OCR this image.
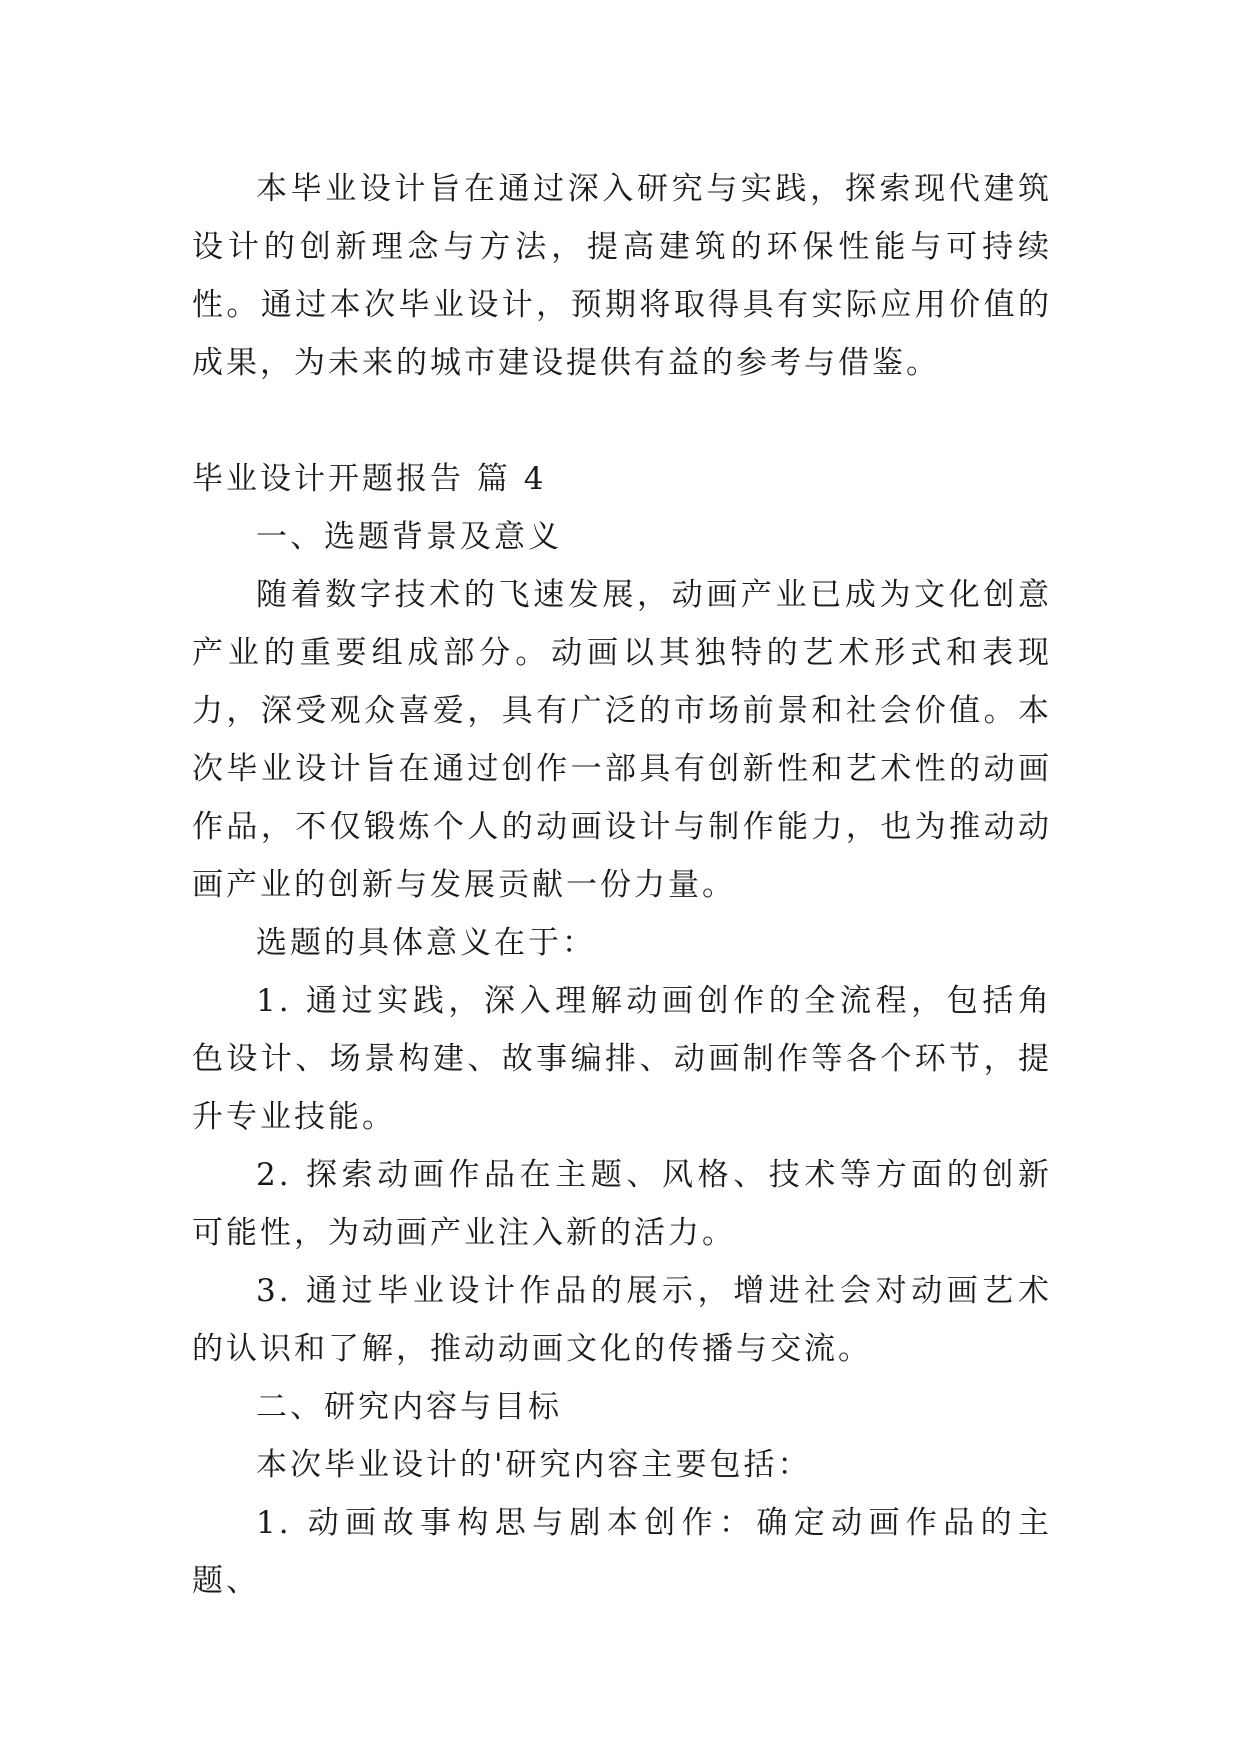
本毕业设计旨在通过深入研究与实践，探索现代建筑设计的创新理念与方法，提高建筑的环保性能与可持续性。通过本次毕业设计，预期将取得具有实际应用价值的成果，为未来的城市建设提供有益的参考与借鉴。

毕业设计开题报告 篇 4

一、选题背景及意义

随着数字技术的飞速发展，动画产业已成为文化创意产业的重要组成部分。动画以其独特的艺术形式和表现力，深受观众喜爱，具有广泛的市场前景和社会价值。本次毕业设计旨在通过创作一部具有创新性和艺术性的动画作品，不仅锻炼个人的动画设计与制作能力，也为推动动画产业的创新与发展贡献一份力量。

选题的具体意义在于：

1. 通过实践，深入理解动画创作的全流程，包括角色设计、场景构建、故事编排、动画制作等各个环节，提升专业技能。

2. 探索动画作品在主题、风格、技术等方面的创新可能性，为动画产业注入新的活力。

3. 通过毕业设计作品的展示，增进社会对动画艺术的认识和了解，推动动画文化的传播与交流。

二、研究内容与目标

本次毕业设计的'研究内容主要包括：

1. 动画故事构思与剧本创作：确定动画作品的主题、
